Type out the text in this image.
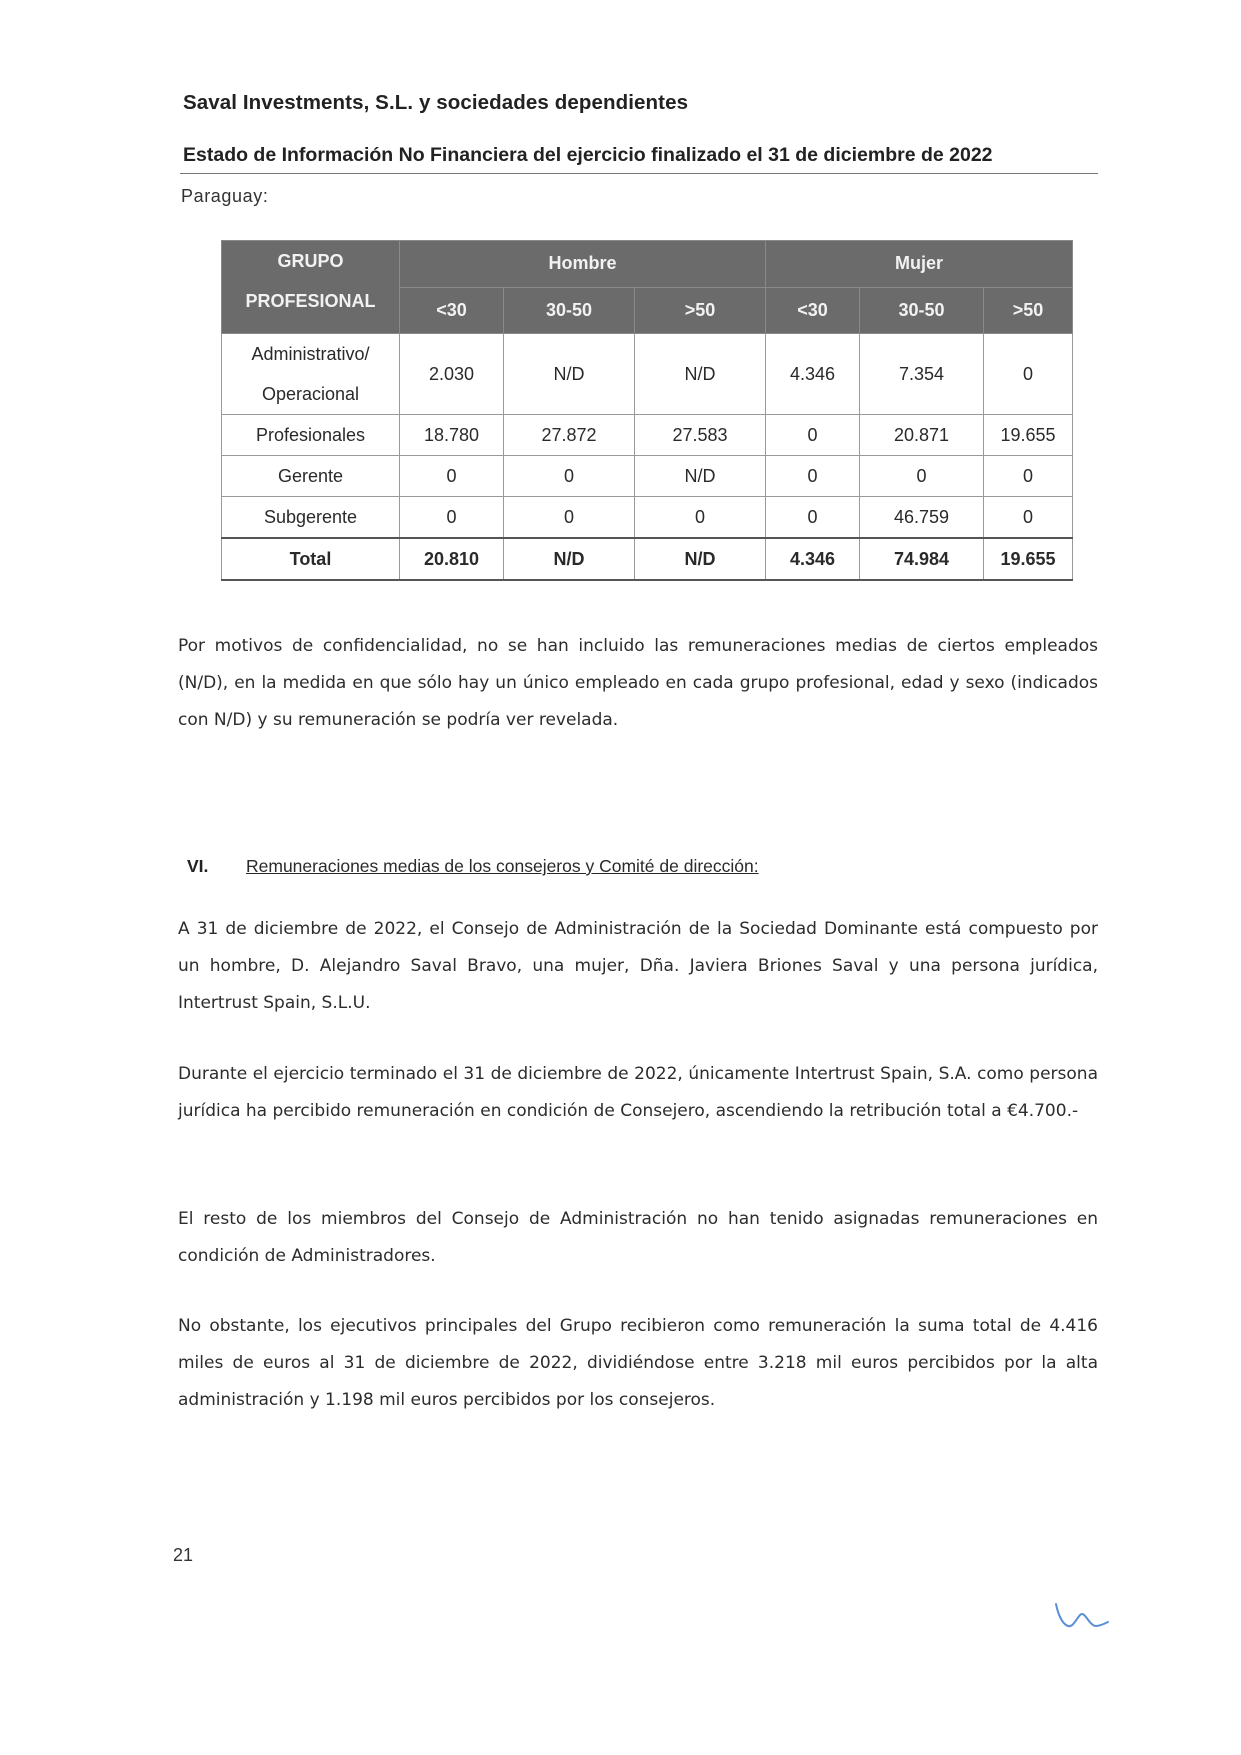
Saval Investments, S.L. y sociedades dependientes
Estado de Información No Financiera del ejercicio finalizado el 31 de diciembre de 2022
Paraguay:
GRUPO
PROFESIONAL	Hombre			Mujer		
	<30	30-50	>50	<30	30-50	>50
Administrativo/
Operacional	2.030	N/D	N/D	4.346	7.354	0
Profesionales	18.780	27.872	27.583	0	20.871	19.655
Gerente	0	0	N/D	0	0	0
Subgerente	0	0	0	0	46.759	0
Total	20.810	N/D	N/D	4.346	74.984	19.655

Por motivos de confidencialidad, no se han incluido las remuneraciones medias de ciertos empleados (N/D), en la medida en que sólo hay un único empleado en cada grupo profesional, edad y sexo (indicados con N/D) y su remuneración se podría ver revelada.

VI. Remuneraciones medias de los consejeros y Comité de dirección:

A 31 de diciembre de 2022, el Consejo de Administración de la Sociedad Dominante está compuesto por un hombre, D. Alejandro Saval Bravo, una mujer, Dña. Javiera Briones Saval y una persona jurídica, Intertrust Spain, S.L.U.

Durante el ejercicio terminado el 31 de diciembre de 2022, únicamente Intertrust Spain, S.A. como persona jurídica ha percibido remuneración en condición de Consejero, ascendiendo la retribución total a €4.700.-

El resto de los miembros del Consejo de Administración no han tenido asignadas remuneraciones en condición de Administradores.

No obstante, los ejecutivos principales del Grupo recibieron como remuneración la suma total de 4.416 miles de euros al 31 de diciembre de 2022, dividiéndose entre 3.218 mil euros percibidos por la alta administración y 1.198 mil euros percibidos por los consejeros.

21
